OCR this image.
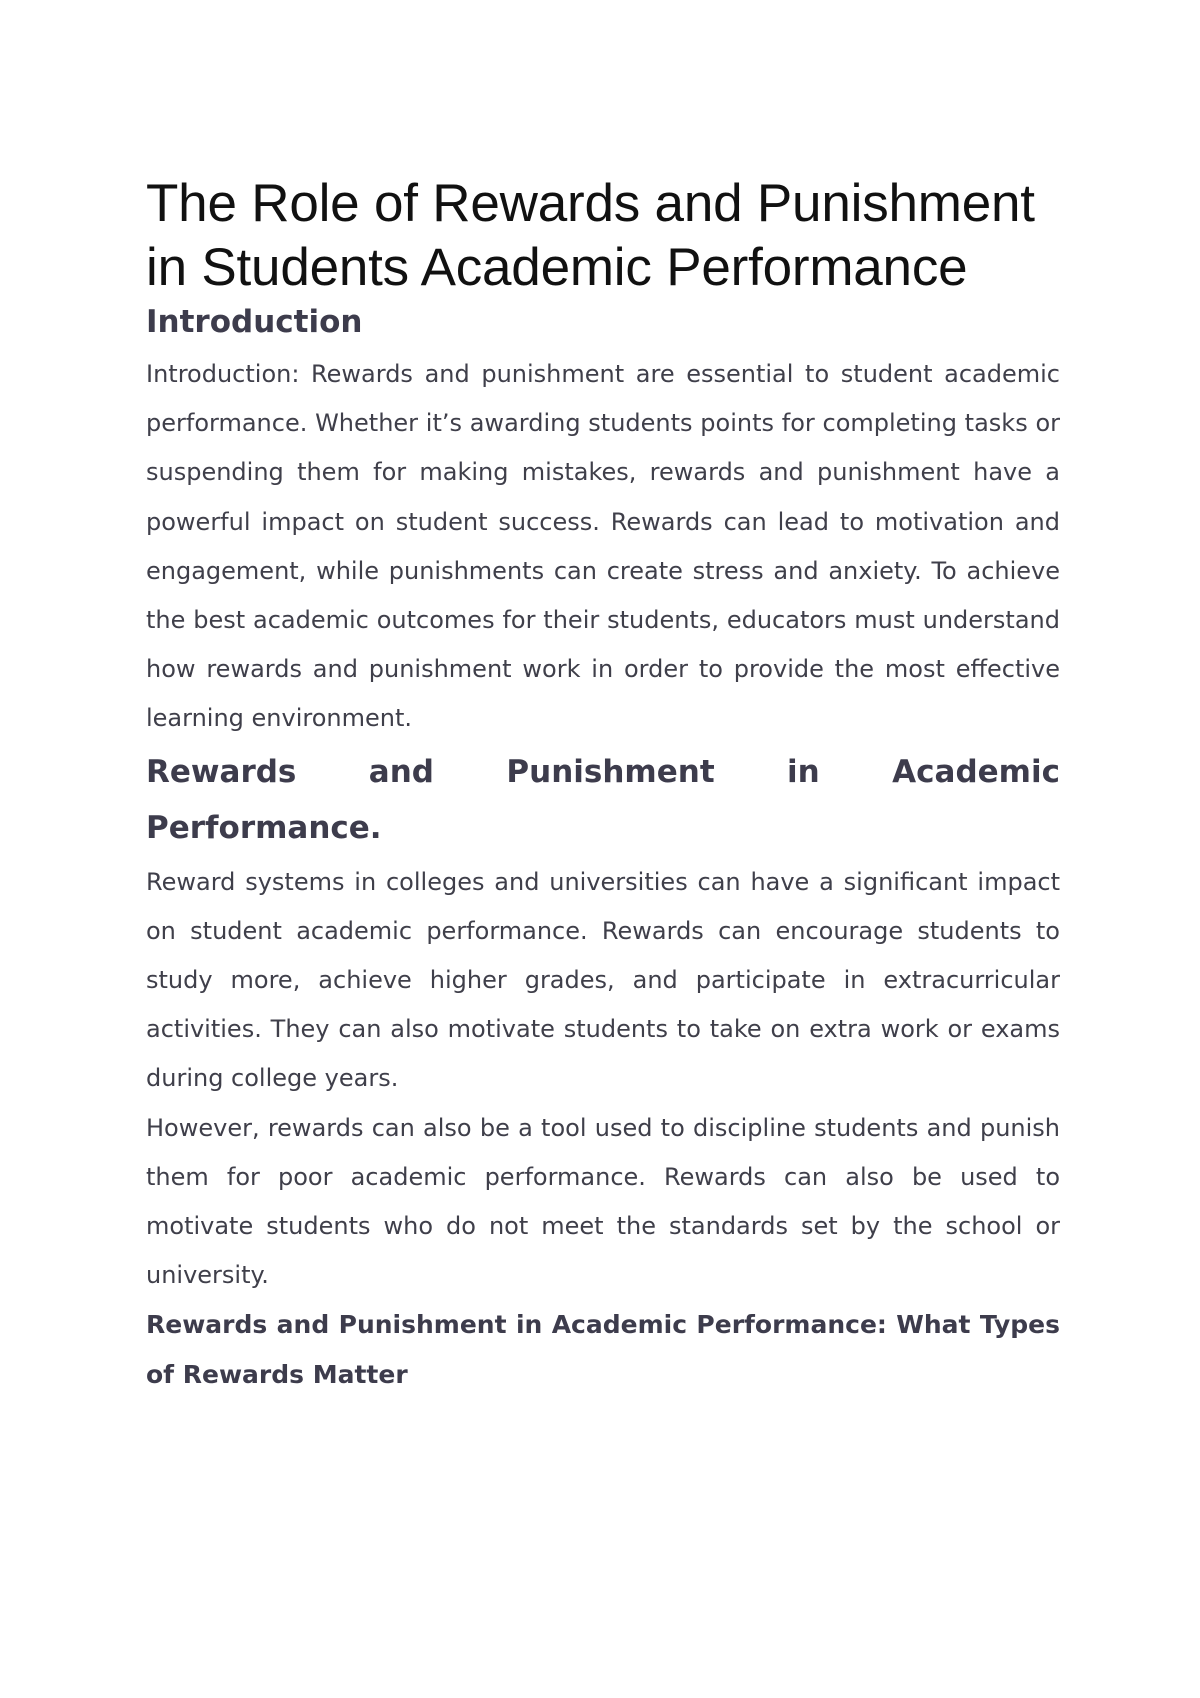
The Role of Rewards and Punishment in Students Academic Performance
Introduction

Introduction: Rewards and punishment are essential to student academic performance. Whether it’s awarding students points for completing tasks or suspending them for making mistakes, rewards and punishment have a powerful impact on student success. Rewards can lead to motivation and engagement, while punishments can create stress and anxiety. To achieve the best academic outcomes for their students, educators must understand how rewards and punishment work in order to provide the most effective learning environment.

Rewards and Punishment in Academic
Performance.

Reward systems in colleges and universities can have a significant impact on student academic performance. Rewards can encourage students to study more, achieve higher grades, and participate in extracurricular activities. They can also motivate students to take on extra work or exams during college years.

However, rewards can also be a tool used to discipline students and punish them for poor academic performance. Rewards can also be used to motivate students who do not meet the standards set by the school or university.

Rewards and Punishment in Academic Performance: What Types of Rewards Matter
